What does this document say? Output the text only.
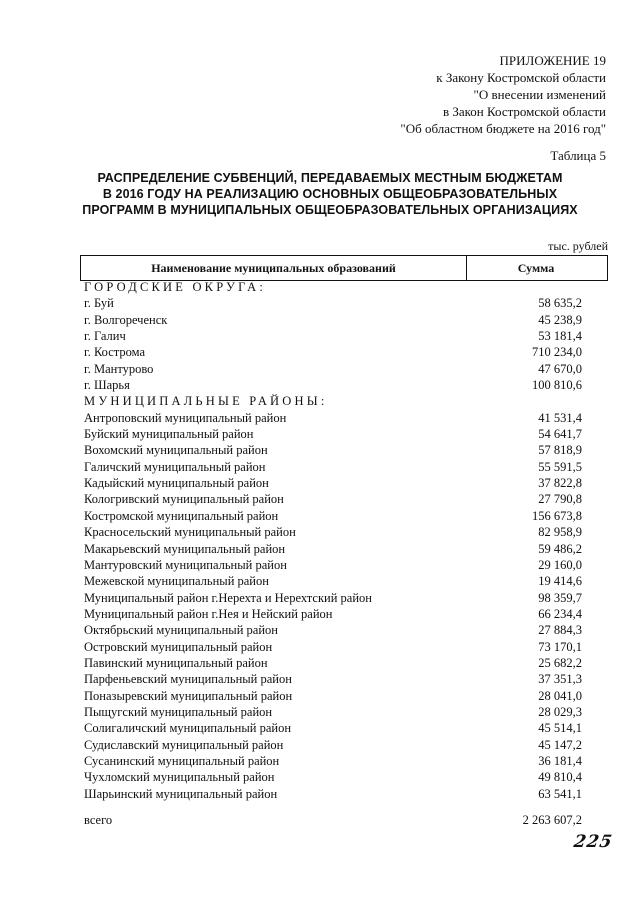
ПРИЛОЖЕНИЕ 19
к Закону Костромской области
"О внесении изменений
в Закон Костромской области
"Об областном бюджете на 2016 год"
Таблица 5
РАСПРЕДЕЛЕНИЕ СУБВЕНЦИЙ, ПЕРЕДАВАЕМЫХ МЕСТНЫМ БЮДЖЕТАМ
В 2016 ГОДУ НА РЕАЛИЗАЦИЮ ОСНОВНЫХ ОБЩЕОБРАЗОВАТЕЛЬНЫХ
ПРОГРАММ В МУНИЦИПАЛЬНЫХ ОБЩЕОБРАЗОВАТЕЛЬНЫХ ОРГАНИЗАЦИЯХ
тыс. рублей
Наименование муниципальных образований	Сумма
ГОРОДСКИЕ ОКРУГА:
г. Буй	58 635,2
г. Волгореченск	45 238,9
г. Галич	53 181,4
г. Кострома	710 234,0
г. Мантурово	47 670,0
г. Шарья	100 810,6
МУНИЦИПАЛЬНЫЕ РАЙОНЫ:
Антроповский муниципальный район	41 531,4
Буйский муниципальный район	54 641,7
Вохомский муниципальный район	57 818,9
Галичский муниципальный район	55 591,5
Кадыйский муниципальный район	37 822,8
Кологривский муниципальный район	27 790,8
Костромской муниципальный район	156 673,8
Красносельский муниципальный район	82 958,9
Макарьевский муниципальный район	59 486,2
Мантуровский муниципальный район	29 160,0
Межевской муниципальный район	19 414,6
Муниципальный район г.Нерехта и Нерехтский район	98 359,7
Муниципальный район г.Нея и Нейский район	66 234,4
Октябрьский муниципальный район	27 884,3
Островский муниципальный район	73 170,1
Павинский муниципальный район	25 682,2
Парфеньевский муниципальный район	37 351,3
Поназыревский муниципальный район	28 041,0
Пыщугский муниципальный район	28 029,3
Солигаличский муниципальный район	45 514,1
Судиславский муниципальный район	45 147,2
Сусанинский муниципальный район	36 181,4
Чухломский муниципальный район	49 810,4
Шарьинский муниципальный район	63 541,1
всего	2 263 607,2
225
